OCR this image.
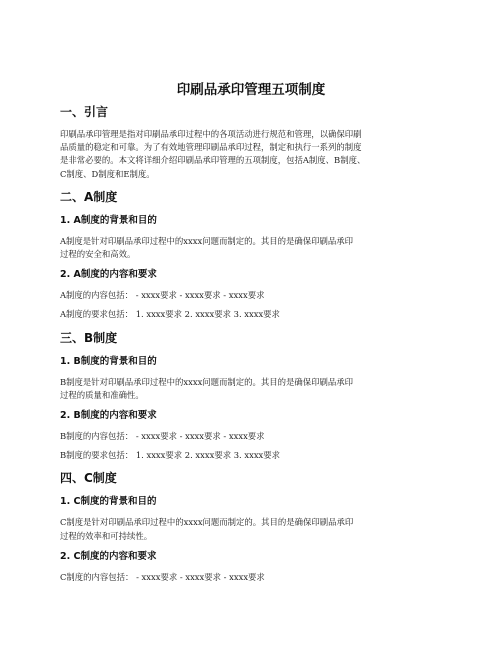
印刷品承印管理五项制度
一、引言

印刷品承印管理是指对印刷品承印过程中的各项活动进行规范和管理，以确保印刷
品质量的稳定和可靠。为了有效地管理印刷品承印过程，制定和执行一系列的制度
是非常必要的。本文将详细介绍印刷品承印管理的五项制度，包括A制度、B制度、
C制度、D制度和E制度。

二、A制度
1. A制度的背景和目的

A制度是针对印刷品承印过程中的xxxx问题而制定的。其目的是确保印刷品承印
过程的安全和高效。

2. A制度的内容和要求

A制度的内容包括： - xxxx要求 - xxxx要求 - xxxx要求

A制度的要求包括： 1. xxxx要求 2. xxxx要求 3. xxxx要求

三、B制度
1. B制度的背景和目的

B制度是针对印刷品承印过程中的xxxx问题而制定的。其目的是确保印刷品承印
过程的质量和准确性。

2. B制度的内容和要求

B制度的内容包括： - xxxx要求 - xxxx要求 - xxxx要求

B制度的要求包括： 1. xxxx要求 2. xxxx要求 3. xxxx要求

四、C制度
1. C制度的背景和目的

C制度是针对印刷品承印过程中的xxxx问题而制定的。其目的是确保印刷品承印
过程的效率和可持续性。

2. C制度的内容和要求

C制度的内容包括： - xxxx要求 - xxxx要求 - xxxx要求
